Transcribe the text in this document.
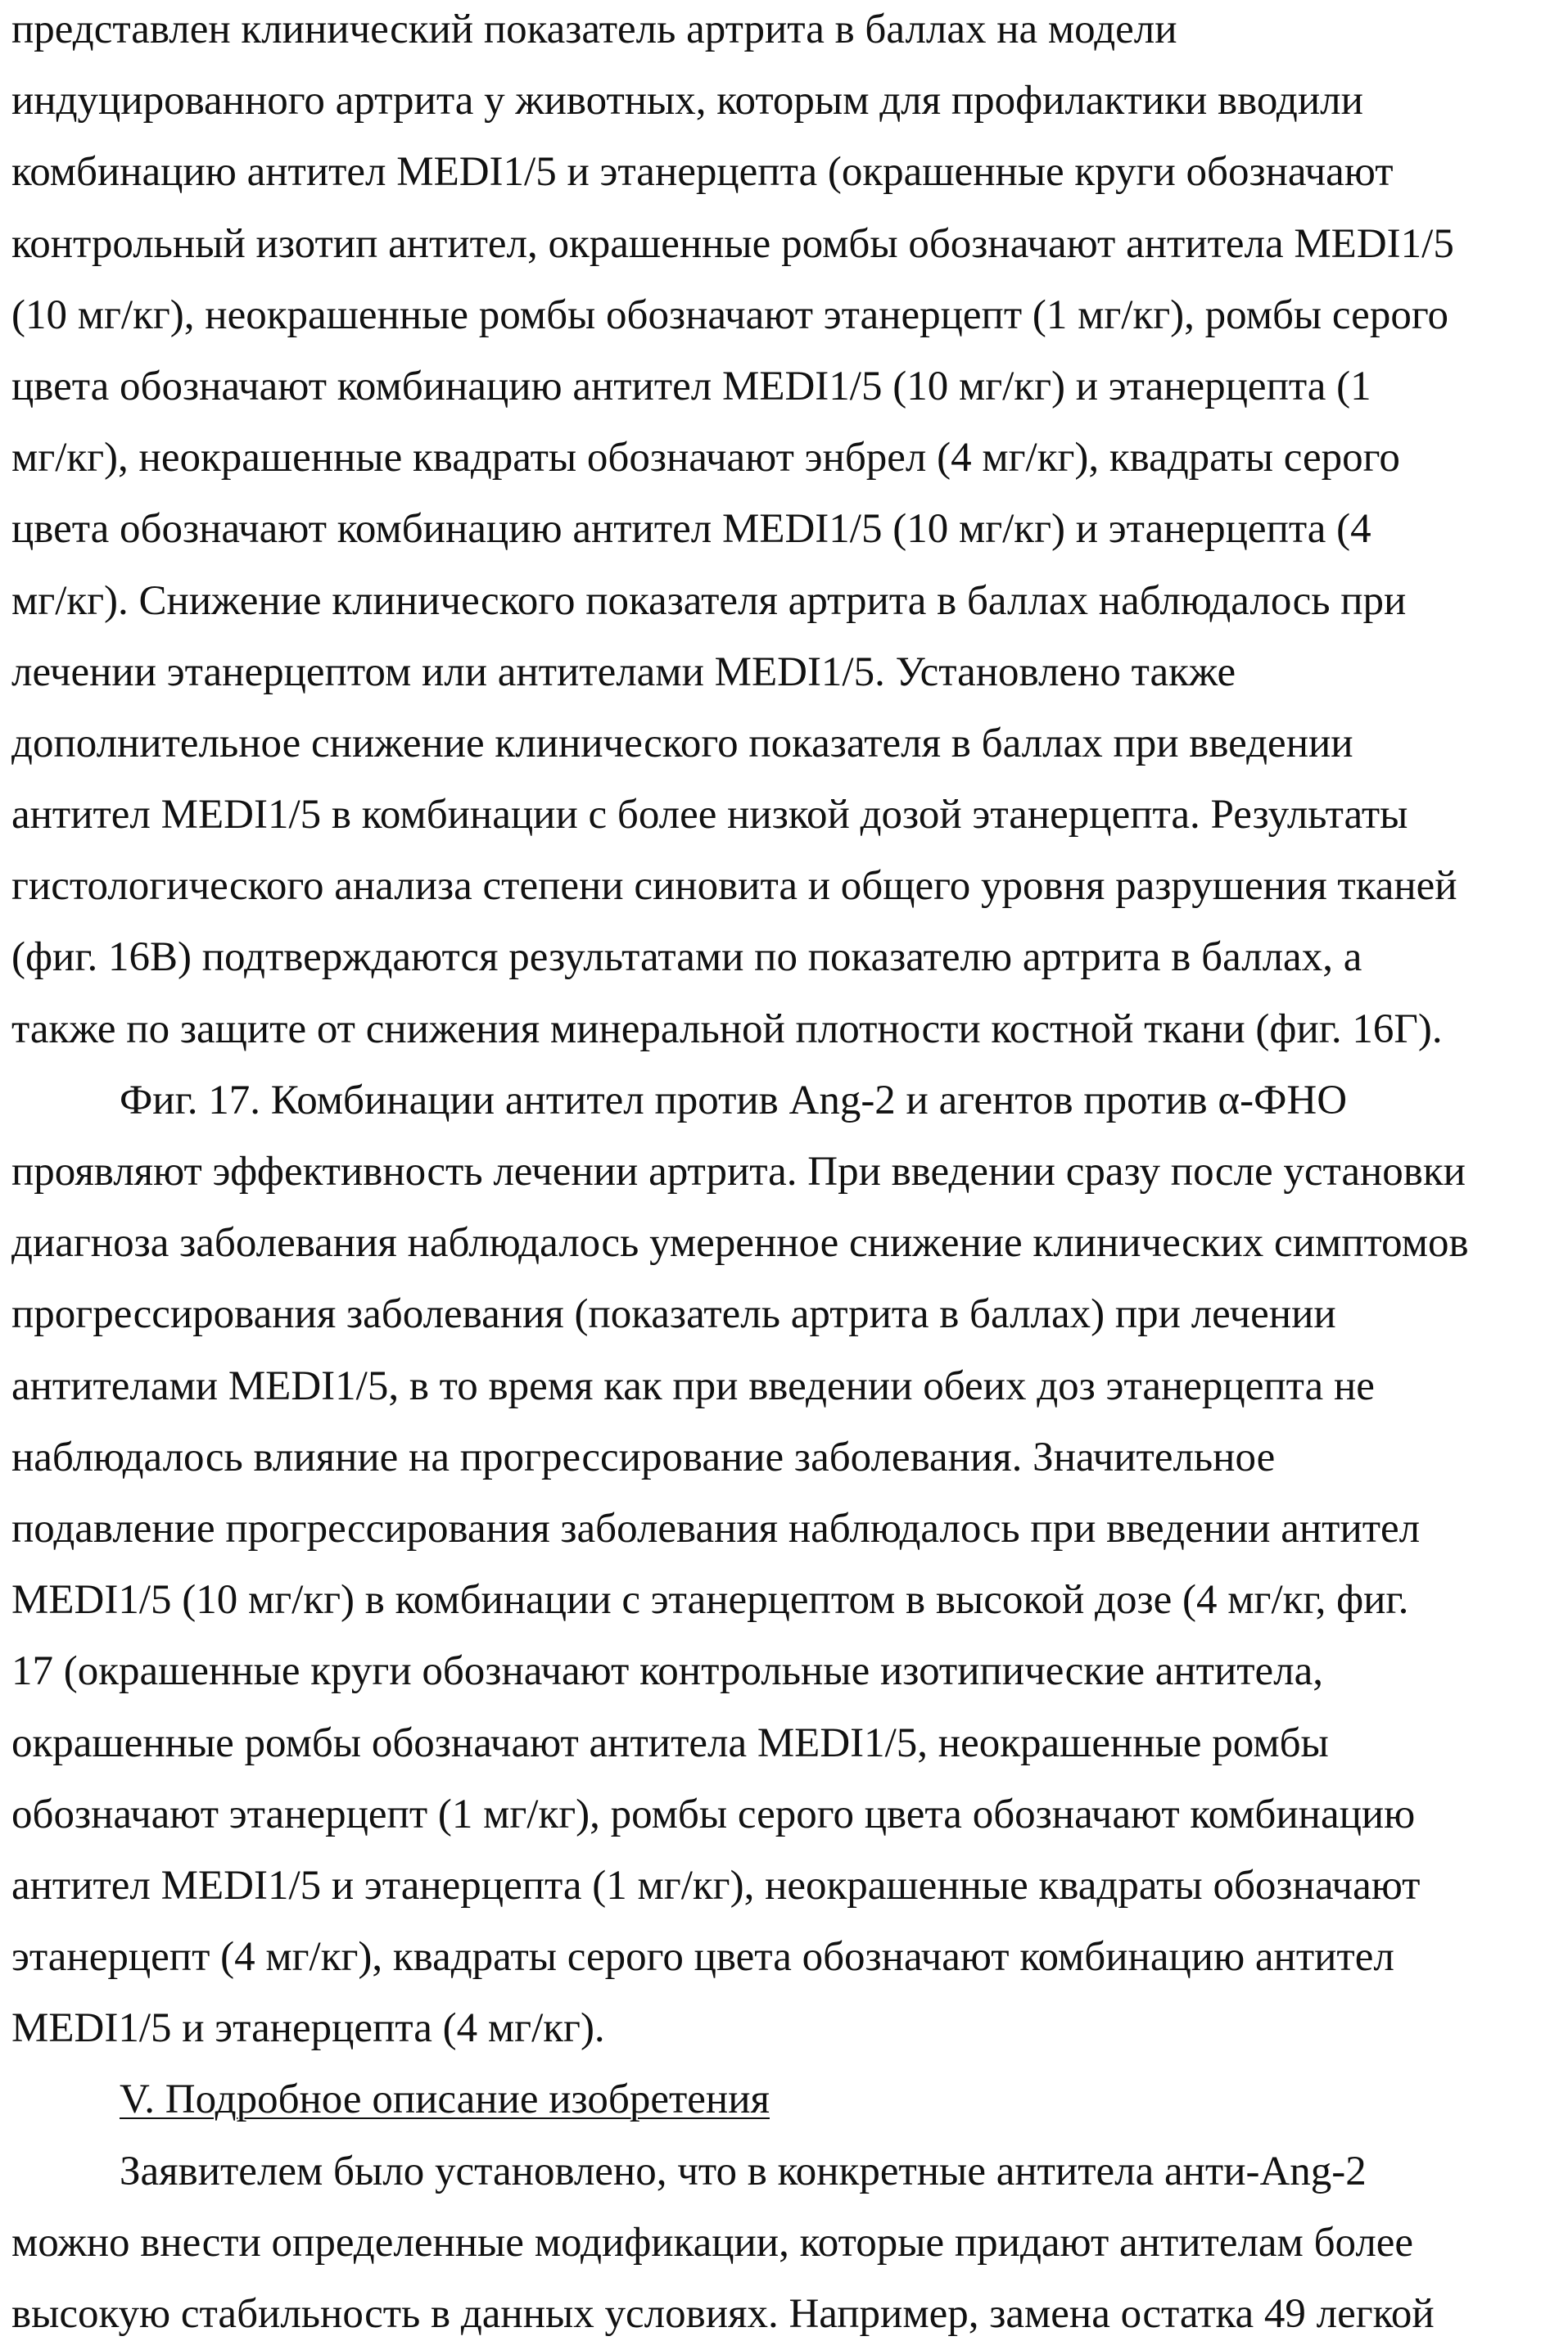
представлен клинический показатель артрита в баллах на модели
индуцированного артрита у животных, которым для профилактики вводили
комбинацию антител MEDI1/5 и этанерцепта (окрашенные круги обозначают
контрольный изотип антител, окрашенные ромбы обозначают антитела MEDI1/5
(10 мг/кг), неокрашенные ромбы обозначают этанерцепт (1 мг/кг), ромбы серого
цвета обозначают комбинацию антител MEDI1/5 (10 мг/кг) и этанерцепта (1
мг/кг), неокрашенные квадраты обозначают энбрел (4 мг/кг), квадраты серого
цвета обозначают комбинацию антител MEDI1/5 (10 мг/кг) и этанерцепта (4
мг/кг). Снижение клинического показателя артрита в баллах наблюдалось при
лечении этанерцептом или антителами MEDI1/5. Установлено также
дополнительное снижение клинического показателя в баллах при введении
антител MEDI1/5 в комбинации с более низкой дозой этанерцепта. Результаты
гистологического анализа степени синовита и общего уровня разрушения тканей
(фиг. 16В) подтверждаются результатами по показателю артрита в баллах, а
также по защите от снижения минеральной плотности костной ткани (фиг. 16Г).
Фиг. 17. Комбинации антител против Ang-2 и агентов против α-ФНО
проявляют эффективность лечении артрита. При введении сразу после установки
диагноза заболевания наблюдалось умеренное снижение клинических симптомов
прогрессирования заболевания (показатель артрита в баллах) при лечении
антителами MEDI1/5, в то время как при введении обеих доз этанерцепта не
наблюдалось влияние на прогрессирование заболевания. Значительное
подавление прогрессирования заболевания наблюдалось при введении антител
MEDI1/5 (10 мг/кг) в комбинации с этанерцептом в высокой дозе (4 мг/кг, фиг.
17 (окрашенные круги обозначают контрольные изотипические антитела,
окрашенные ромбы обозначают антитела MEDI1/5, неокрашенные ромбы
обозначают этанерцепт (1 мг/кг), ромбы серого цвета обозначают комбинацию
антител MEDI1/5 и этанерцепта (1 мг/кг), неокрашенные квадраты обозначают
этанерцепт (4 мг/кг), квадраты серого цвета обозначают комбинацию антител
MEDI1/5 и этанерцепта (4 мг/кг).
V. Подробное описание изобретения
Заявителем было установлено, что в конкретные антитела анти-Ang-2
можно внести определенные модификации, которые придают антителам более
высокую стабильность в данных условиях. Например, замена остатка 49 легкой
